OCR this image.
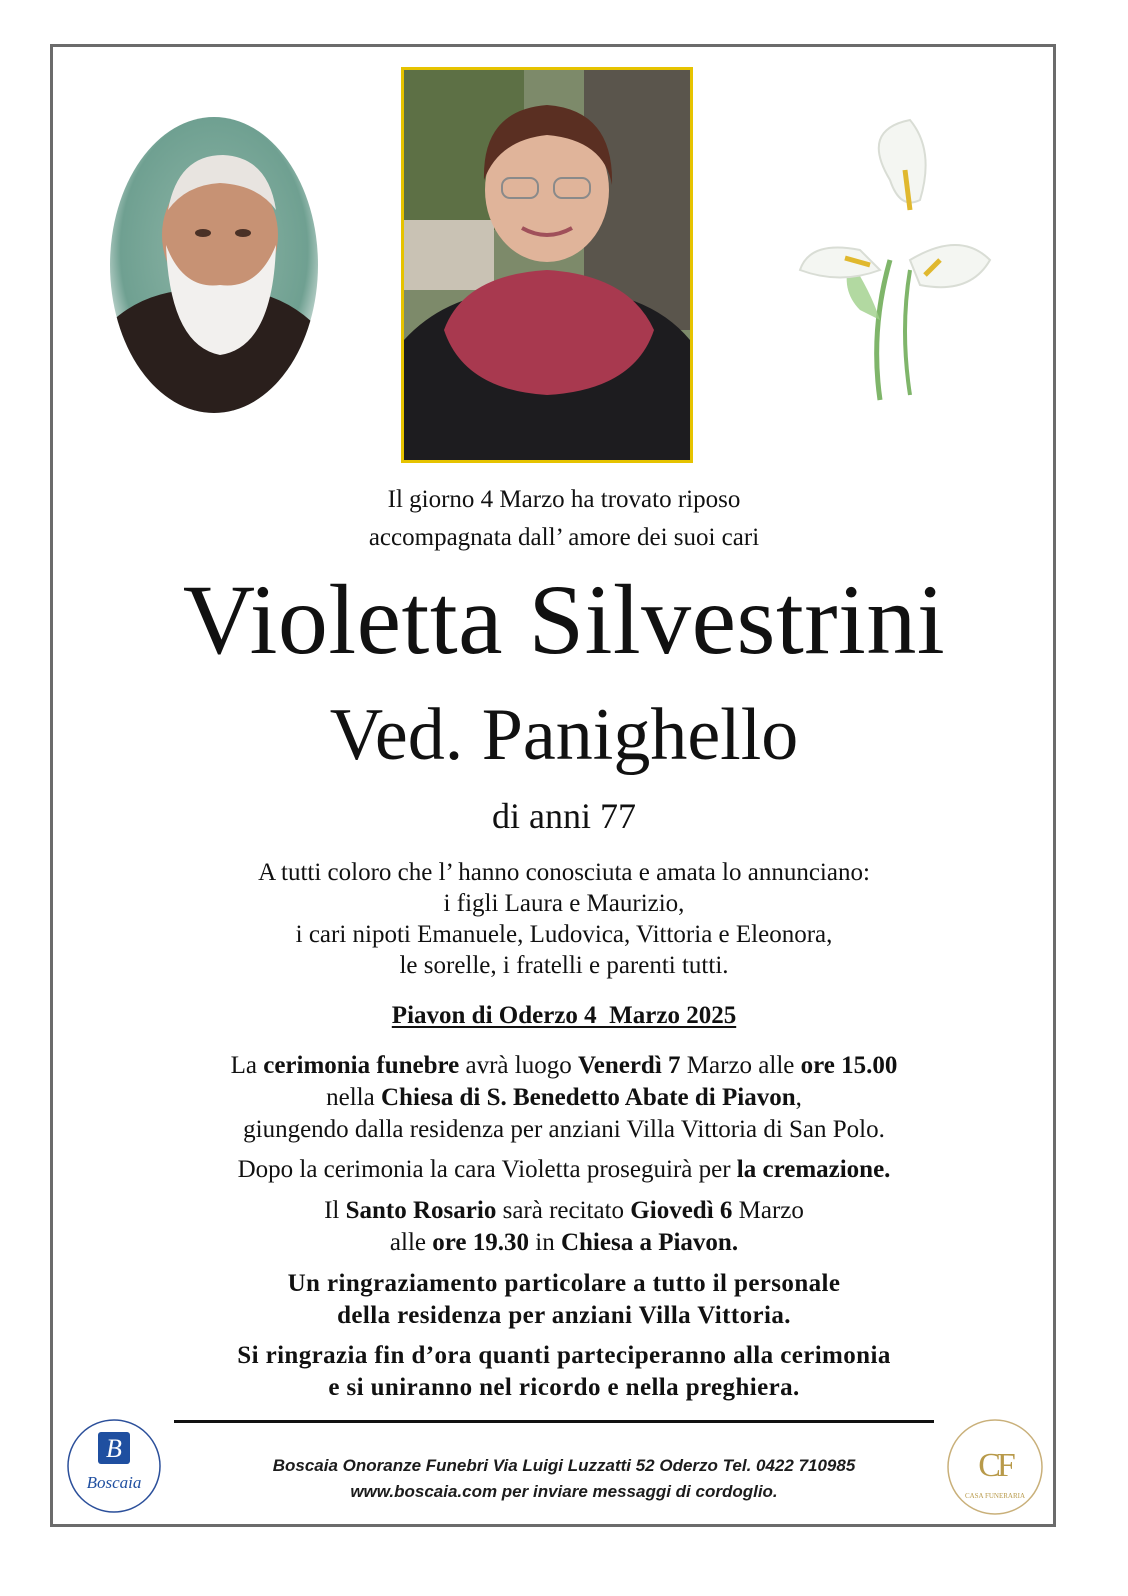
Il giorno 4 Marzo ha trovato riposo
accompagnata dall’ amore dei suoi cari
Violetta Silvestrini
Ved. Panighello
di anni 77
A tutti coloro che l’ hanno conosciuta e amata lo annunciano:
i figli Laura e Maurizio,
i cari nipoti Emanuele, Ludovica, Vittoria e Eleonora,
le sorelle, i fratelli e parenti tutti.
Piavon di Oderzo 4  Marzo 2025
La cerimonia funebre avrà luogo Venerdì 7 Marzo alle ore 15.00
nella Chiesa di S. Benedetto Abate di Piavon,
giungendo dalla residenza per anziani Villa Vittoria di San Polo.
Dopo la cerimonia la cara Violetta proseguirà per la cremazione.
Il Santo Rosario sarà recitato Giovedì 6 Marzo
alle ore 19.30 in Chiesa a Piavon.
Un ringraziamento particolare a tutto il personale
della residenza per anziani Villa Vittoria.
Si ringrazia fin d’ora quanti parteciperanno alla cerimonia
e si uniranno nel ricordo e nella preghiera.
B
Boscaia
Boscaia Onoranze Funebri Via Luigi Luzzatti 52 Oderzo Tel. 0422 710985
www.boscaia.com per inviare messaggi di cordoglio.
CF
CASA FUNERARIA
